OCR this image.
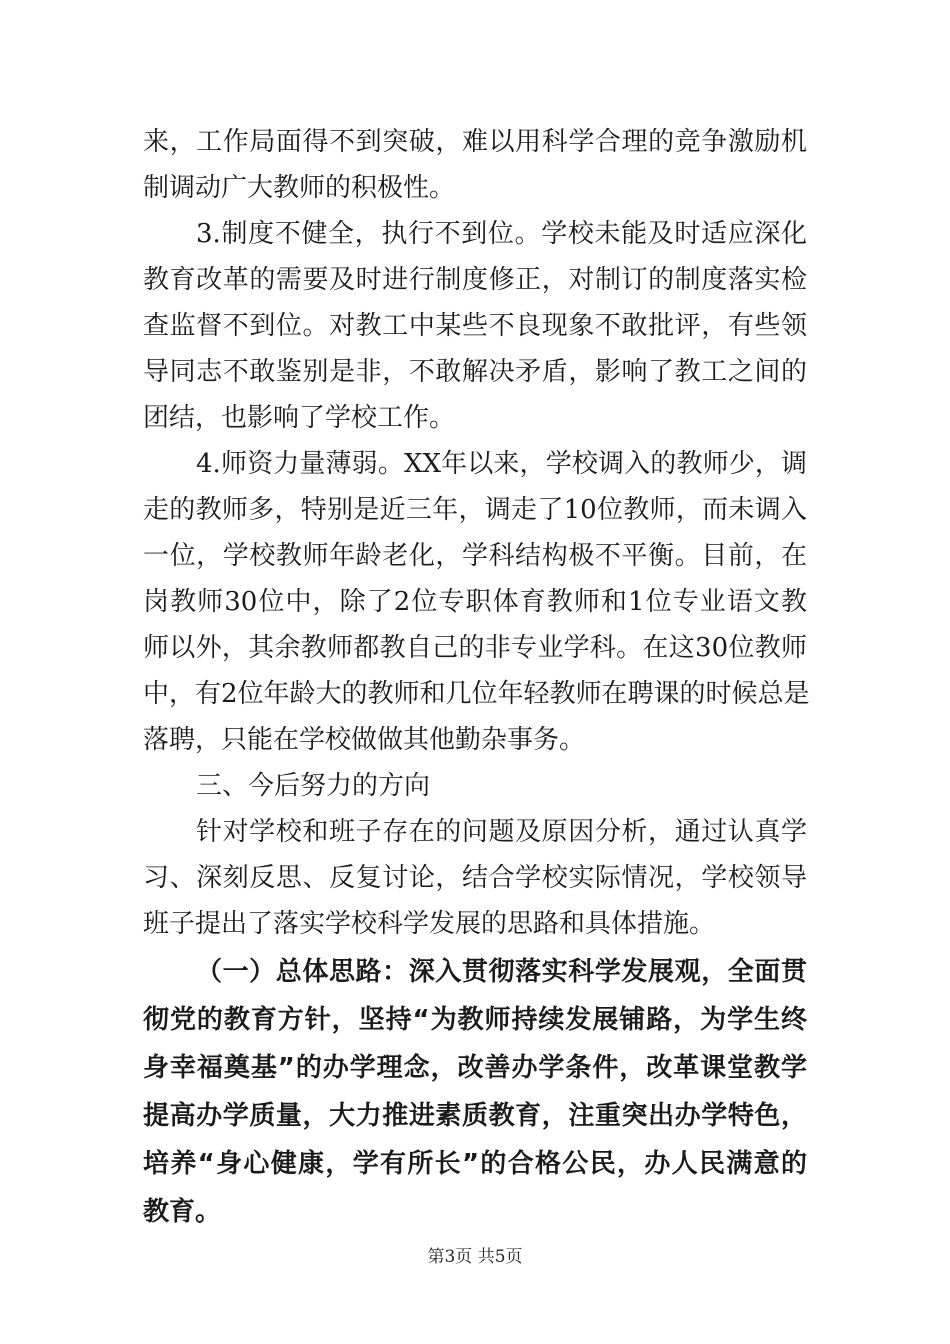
来，工作局面得不到突破，难以用科学合理的竞争激励机
制调动广大教师的积极性。
3.制度不健全，执行不到位。学校未能及时适应深化
教育改革的需要及时进行制度修正，对制订的制度落实检
查监督不到位。对教工中某些不良现象不敢批评，有些领
导同志不敢鉴别是非，不敢解决矛盾，影响了教工之间的
团结，也影响了学校工作。
4.师资力量薄弱。XX年以来，学校调入的教师少，调
走的教师多，特别是近三年，调走了10位教师，而未调入
一位，学校教师年龄老化，学科结构极不平衡。目前，在
岗教师30位中，除了2位专职体育教师和1位专业语文教
师以外，其余教师都教自己的非专业学科。在这30位教师
中，有2位年龄大的教师和几位年轻教师在聘课的时候总是
落聘，只能在学校做做其他勤杂事务。
三、今后努力的方向
针对学校和班子存在的问题及原因分析，通过认真学
习、深刻反思、反复讨论，结合学校实际情况，学校领导
班子提出了落实学校科学发展的思路和具体措施。
（一）总体思路：深入贯彻落实科学发展观，全面贯
彻党的教育方针，坚持“为教师持续发展铺路，为学生终
身幸福奠基”的办学理念，改善办学条件，改革课堂教学
提高办学质量，大力推进素质教育，注重突出办学特色，
培养“身心健康，学有所长”的合格公民，办人民满意的
教育。
第3页 共5页
